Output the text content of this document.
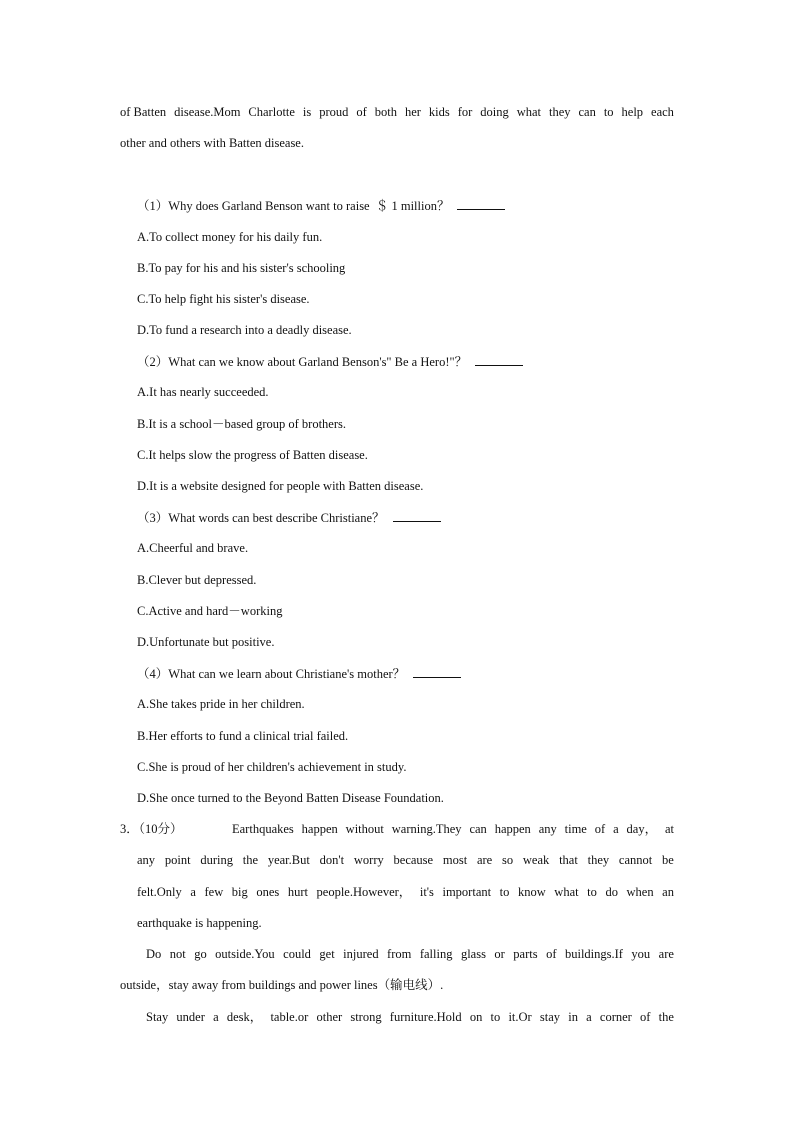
of Batten disease.Mom Charlotte is proud of both her kids for doing what they can to help each
other and others with Batten disease.
（1）Why does Garland Benson want to raise  ＄ 1 million？
A.To collect money for his daily fun.
B.To pay for his and his sister's schooling
C.To help fight his sister's disease.
D.To fund a research into a deadly disease.
（2）What can we know about Garland Benson's" Be a Hero!"？
A.It has nearly succeeded.
B.It is a school－based group of brothers.
C.It helps slow the progress of Batten disease.
D.It is a website designed for people with Batten disease.
（3）What words can best describe Christiane？
A.Cheerful and brave.
B.Clever but depressed.
C.Active and hard－working
D.Unfortunate but positive.
（4）What can we learn about Christiane's mother？
A.She takes pride in her children.
B.Her efforts to fund a clinical trial failed.
C.She is proud of her children's achievement in study.
D.She once turned to the Beyond Batten Disease Foundation.
3．（10分）	Earthquakes happen without warning.They can happen any time of a day， at
any point during the year.But don't worry because most are so weak that they cannot be
felt.Only a few big ones hurt people.However， it's important to know what to do when an
earthquake is happening.
Do not go outside.You could get injured from falling glass or parts of buildings.If you are
outside，stay away from buildings and power lines（输电线）.
Stay under a desk， table.or other strong furniture.Hold on to it.Or stay in a corner of the
